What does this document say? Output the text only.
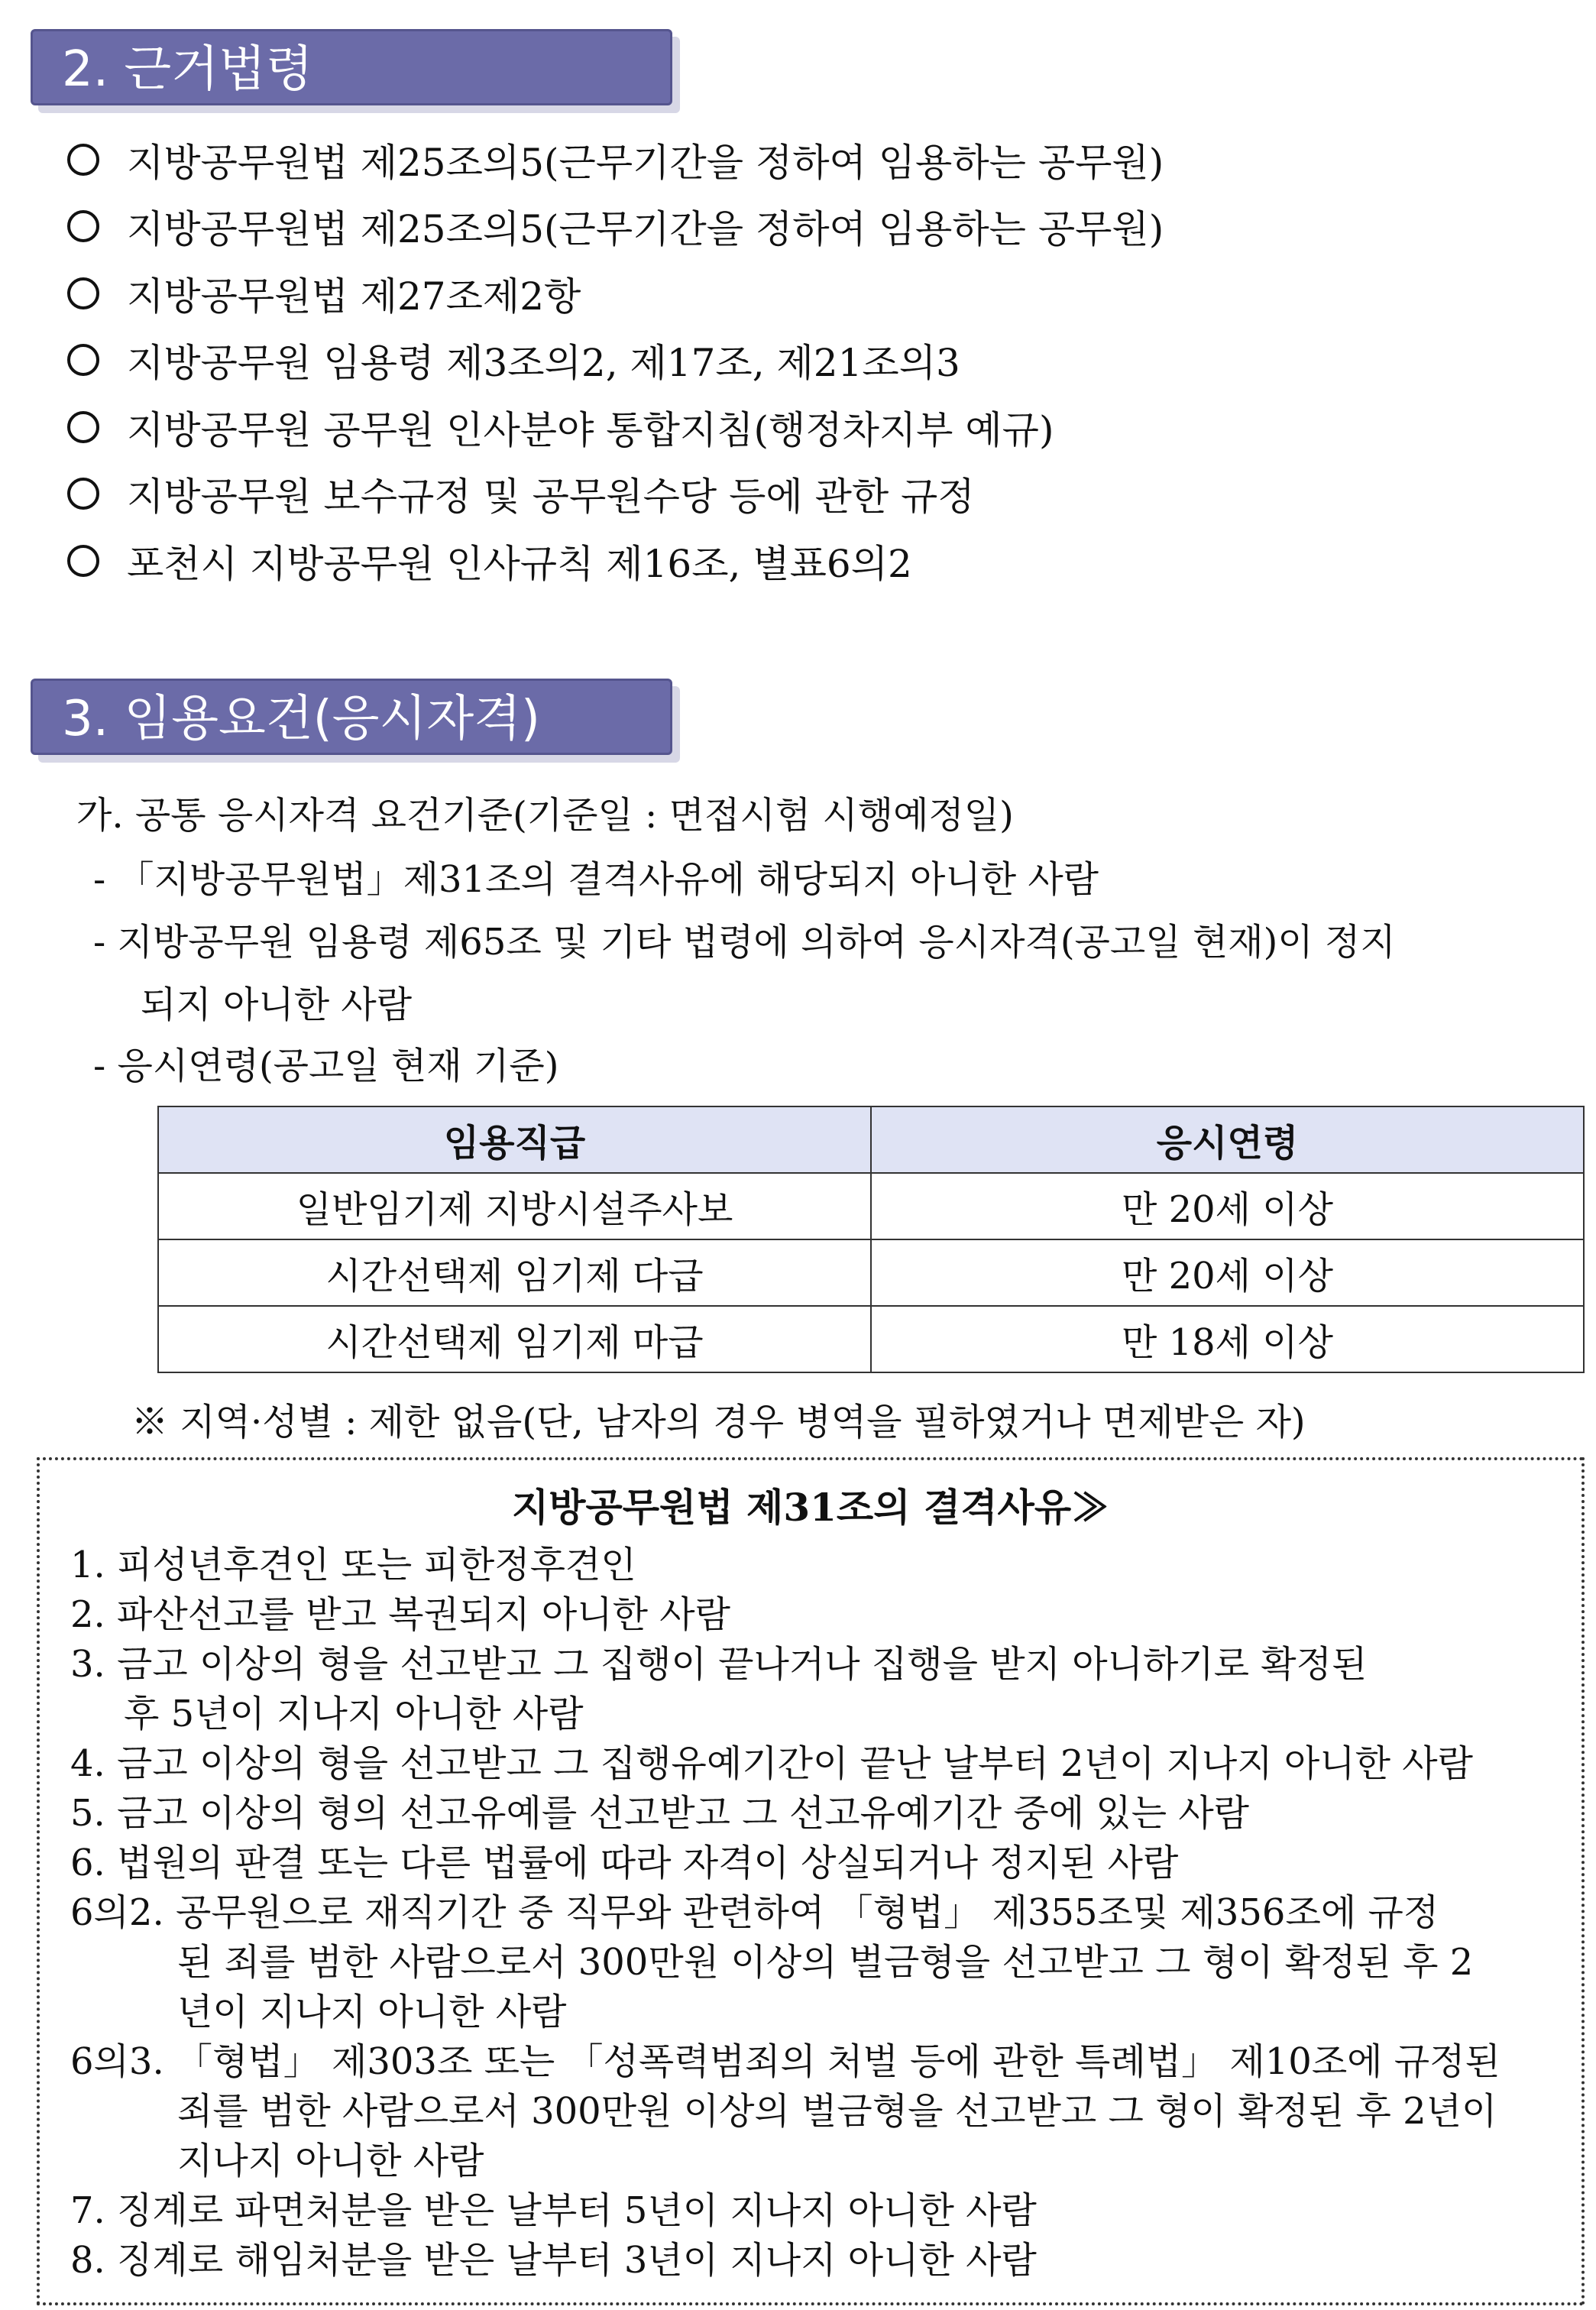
2. 근거법령
지방공무원법 제25조의5(근무기간을 정하여 임용하는 공무원)
지방공무원법 제25조의5(근무기간을 정하여 임용하는 공무원)
지방공무원법 제27조제2항
지방공무원 임용령 제3조의2, 제17조, 제21조의3
지방공무원 공무원 인사분야 통합지침(행정차지부 예규)
지방공무원 보수규정 및 공무원수당 등에 관한 규정
포천시 지방공무원 인사규칙 제16조, 별표6의2
3. 임용요건(응시자격)
가. 공통 응시자격 요건기준(기준일 : 면접시험 시행예정일)
- 「지방공무원법」제31조의 결격사유에 해당되지 아니한 사람
- 지방공무원 임용령 제65조 및 기타 법령에 의하여 응시자격(공고일 현재)이 정지
되지 아니한 사람
- 응시연령(공고일 현재 기준)
임용직급	응시연령
일반임기제 지방시설주사보	만 20세 이상
시간선택제 임기제 다급	만 20세 이상
시간선택제 임기제 마급	만 18세 이상
※ 지역·성별 : 제한 없음(단, 남자의 경우 병역을 필하였거나 면제받은 자)
지방공무원법 제31조의 결격사유≫
1. 피성년후견인 또는 피한정후견인
2. 파산선고를 받고 복권되지 아니한 사람
3. 금고 이상의 형을 선고받고 그 집행이 끝나거나 집행을 받지 아니하기로 확정된
후 5년이 지나지 아니한 사람
4. 금고 이상의 형을 선고받고 그 집행유예기간이 끝난 날부터 2년이 지나지 아니한 사람
5. 금고 이상의 형의 선고유예를 선고받고 그 선고유예기간 중에 있는 사람
6. 법원의 판결 또는 다른 법률에 따라 자격이 상실되거나 정지된 사람
6의2. 공무원으로 재직기간 중 직무와 관련하여 「형법」 제355조및 제356조에 규정
된 죄를 범한 사람으로서 300만원 이상의 벌금형을 선고받고 그 형이 확정된 후 2
년이 지나지 아니한 사람
6의3. 「형법」 제303조 또는 「성폭력범죄의 처벌 등에 관한 특례법」 제10조에 규정된
죄를 범한 사람으로서 300만원 이상의 벌금형을 선고받고 그 형이 확정된 후 2년이
지나지 아니한 사람
7. 징계로 파면처분을 받은 날부터 5년이 지나지 아니한 사람
8. 징계로 해임처분을 받은 날부터 3년이 지나지 아니한 사람
